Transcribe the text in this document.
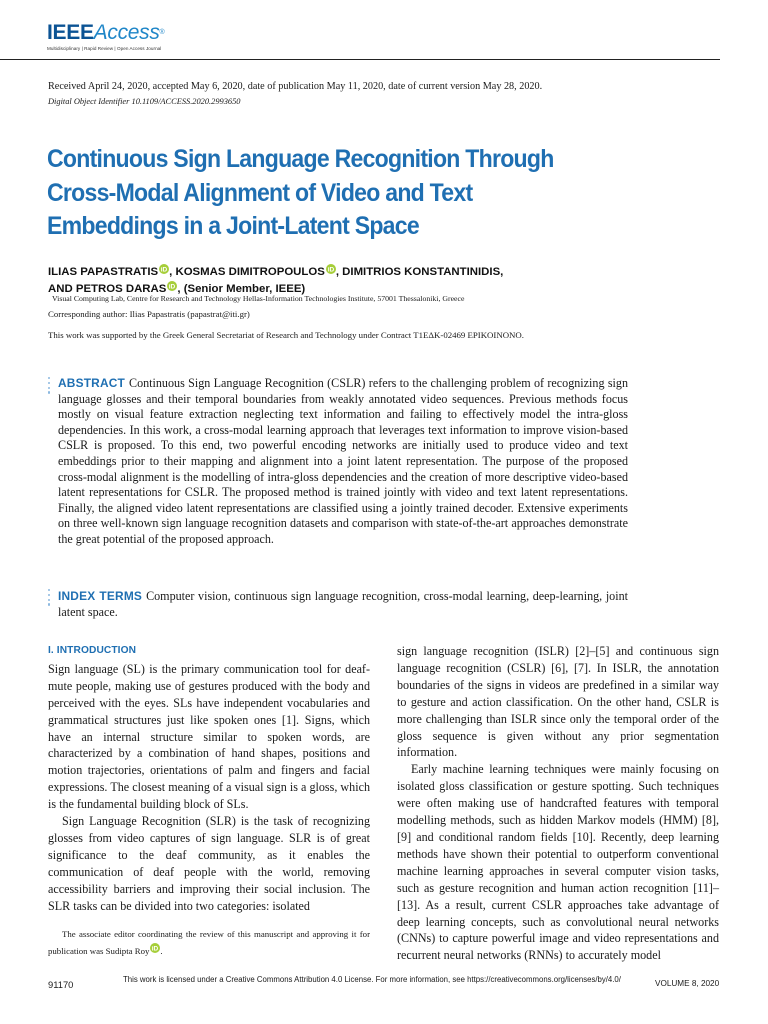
IEEEAccess®
Multidisciplinary | Rapid Review | Open Access Journal
Received April 24, 2020, accepted May 6, 2020, date of publication May 11, 2020, date of current version May 28, 2020.
Digital Object Identifier 10.1109/ACCESS.2020.2993650
Continuous Sign Language Recognition Through
Cross-Modal Alignment of Video and Text
Embeddings in a Joint-Latent Space
ILIAS PAPASTRATIS iD , KOSMAS DIMITROPOULOS iD , DIMITRIOS KONSTANTINIDIS,
AND PETROS DARAS iD , (Senior Member, IEEE)
Visual Computing Lab, Centre for Research and Technology Hellas-Information Technologies Institute, 57001 Thessaloniki, Greece
Corresponding author: Ilias Papastratis (papastrat@iti.gr)
This work was supported by the Greek General Secretariat of Research and Technology under Contract T1EΔK-02469 EPIKOINONO.
ABSTRACT Continuous Sign Language Recognition (CSLR) refers to the challenging problem of recognizing sign language glosses and their temporal boundaries from weakly annotated video sequences. Previous methods focus mostly on visual feature extraction neglecting text information and failing to effectively model the intra-gloss dependencies. In this work, a cross-modal learning approach that leverages text information to improve vision-based CSLR is proposed. To this end, two powerful encoding networks are initially used to produce video and text embeddings prior to their mapping and alignment into a joint latent representation. The purpose of the proposed cross-modal alignment is the modelling of intra-gloss dependencies and the creation of more descriptive video-based latent representations for CSLR. The proposed method is trained jointly with video and text latent representations. Finally, the aligned video latent representations are classified using a jointly trained decoder. Extensive experiments on three well-known sign language recognition datasets and comparison with state-of-the-art approaches demonstrate the great potential of the proposed approach.
INDEX TERMS Computer vision, continuous sign language recognition, cross-modal learning, deep-learning, joint latent space.
I. INTRODUCTION

Sign language (SL) is the primary communication tool for deaf-mute people, making use of gestures produced with the body and perceived with the eyes. SLs have independent vocabularies and grammatical structures just like spoken ones [1]. Signs, which have an internal structure similar to spoken words, are characterized by a combination of hand shapes, positions and motion trajectories, orientations of palm and fingers and facial expressions. The closest meaning of a visual sign is a gloss, which is the fundamental building block of SLs.

Sign Language Recognition (SLR) is the task of recognizing glosses from video captures of sign language. SLR is of great significance to the deaf community, as it enables the communication of deaf people with the world, removing accessibility barriers and improving their social inclusion. The SLR tasks can be divided into two categories: isolated

sign language recognition (ISLR) [2]–[5] and continuous sign language recognition (CSLR) [6], [7]. In ISLR, the annotation boundaries of the signs in videos are predefined in a similar way to gesture and action classification. On the other hand, CSLR is more challenging than ISLR since only the temporal order of the gloss sequence is given without any prior segmentation information.

Early machine learning techniques were mainly focusing on isolated gloss classification or gesture spotting. Such techniques were often making use of handcrafted features with temporal modelling methods, such as hidden Markov models (HMM) [8], [9] and conditional random fields [10]. Recently, deep learning methods have shown their potential to outperform conventional machine learning approaches in several computer vision tasks, such as gesture recognition and human action recognition [11]–[13]. As a result, current CSLR approaches take advantage of deep learning concepts, such as convolutional neural networks (CNNs) to capture powerful image and video representations and recurrent neural networks (RNNs) to accurately model

The associate editor coordinating the review of this manuscript and approving it for publication was Sudipta Roy iD .

91170	This work is licensed under a Creative Commons Attribution 4.0 License. For more information, see https://creativecommons.org/licenses/by/4.0/	VOLUME 8, 2020
